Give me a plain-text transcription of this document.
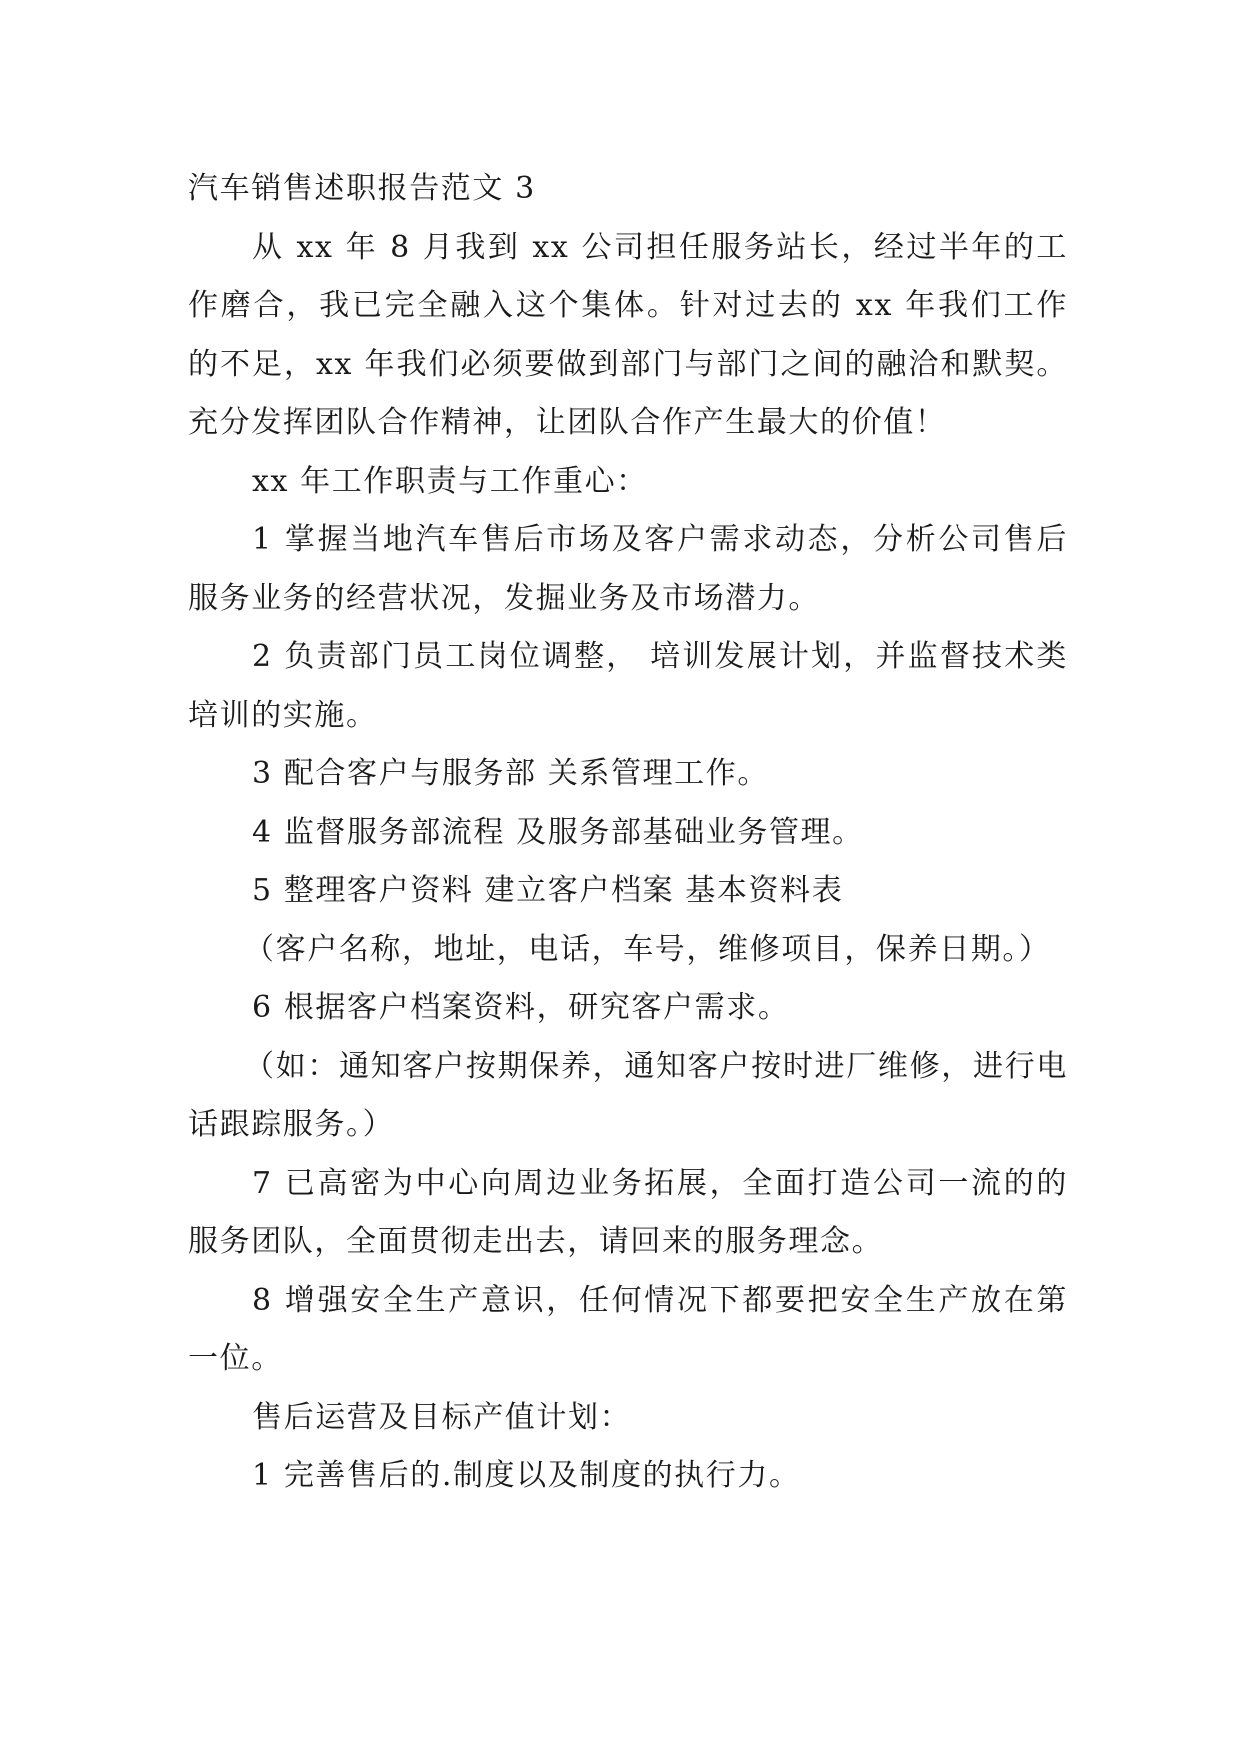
汽车销售述职报告范文 3

从 xx 年 8 月我到 xx 公司担任服务站长，经过半年的工作磨合，我已完全融入这个集体。针对过去的 xx 年我们工作的不足，xx 年我们必须要做到部门与部门之间的融洽和默契。充分发挥团队合作精神，让团队合作产生最大的价值！

xx 年工作职责与工作重心：

1 掌握当地汽车售后市场及客户需求动态，分析公司售后服务业务的经营状况，发掘业务及市场潜力。

2 负责部门员工岗位调整， 培训发展计划，并监督技术类培训的实施。

3 配合客户与服务部 关系管理工作。

4 监督服务部流程 及服务部基础业务管理。

5 整理客户资料 建立客户档案 基本资料表

（客户名称，地址，电话，车号，维修项目，保养日期。）

6 根据客户档案资料，研究客户需求。

（如：通知客户按期保养，通知客户按时进厂维修，进行电话跟踪服务。）

7 已高密为中心向周边业务拓展，全面打造公司一流的的服务团队，全面贯彻走出去，请回来的服务理念。

8 增强安全生产意识，任何情况下都要把安全生产放在第一位。

售后运营及目标产值计划：

1 完善售后的.制度以及制度的执行力。
